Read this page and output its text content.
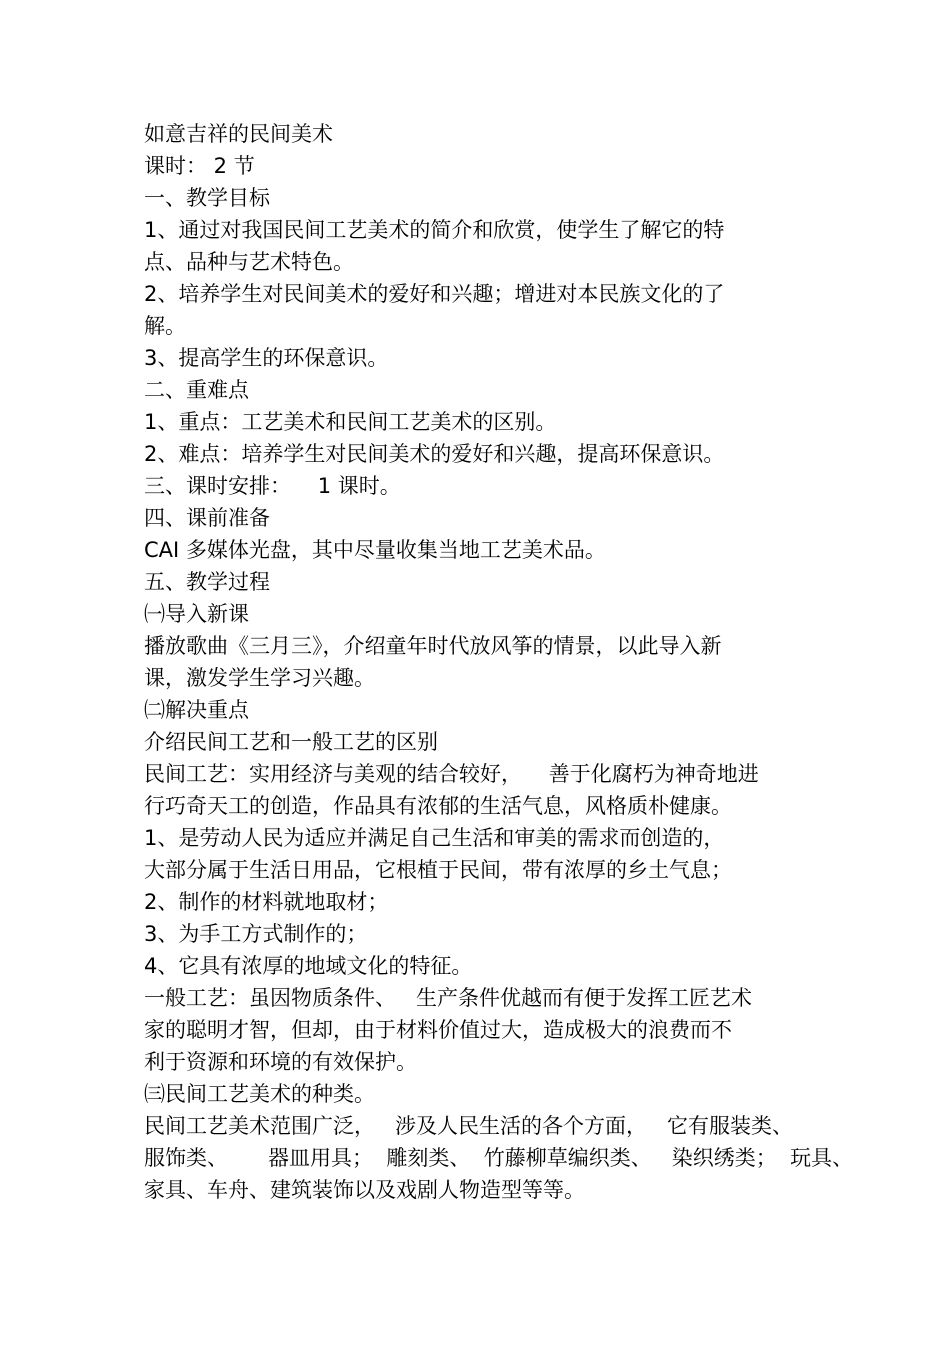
如意吉祥的民间美术
课时： 2 节
一、教学目标
1、通过对我国民间工艺美术的简介和欣赏，使学生了解它的特
点、品种与艺术特色。
2、培养学生对民间美术的爱好和兴趣；增进对本民族文化的了
解。
3、提高学生的环保意识。
二、重难点
1、重点：工艺美术和民间工艺美术的区别。
2、难点：培养学生对民间美术的爱好和兴趣，提高环保意识。
三、课时安排：    1 课时。
四、课前准备
CAI 多媒体光盘，其中尽量收集当地工艺美术品。
五、教学过程
㈠导入新课
播放歌曲《三月三》，介绍童年时代放风筝的情景，以此导入新
课，激发学生学习兴趣。
㈡解决重点
介绍民间工艺和一般工艺的区别
民间工艺：实用经济与美观的结合较好，    善于化腐朽为神奇地进
行巧奇天工的创造，作品具有浓郁的生活气息，风格质朴健康。
1、是劳动人民为适应并满足自己生活和审美的需求而创造的，
大部分属于生活日用品，它根植于民间，带有浓厚的乡土气息；
2、制作的材料就地取材；
3、为手工方式制作的；
4、它具有浓厚的地域文化的特征。
一般工艺：虽因物质条件、   生产条件优越而有便于发挥工匠艺术
家的聪明才智，但却，由于材料价值过大，造成极大的浪费而不
利于资源和环境的有效保护。
㈢民间工艺美术的种类。
民间工艺美术范围广泛，   涉及人民生活的各个方面，   它有服装类、
服饰类、      器皿用具；  雕刻类、  竹藤柳草编织类、   染织绣类；  玩具、
家具、车舟、建筑装饰以及戏剧人物造型等等。
